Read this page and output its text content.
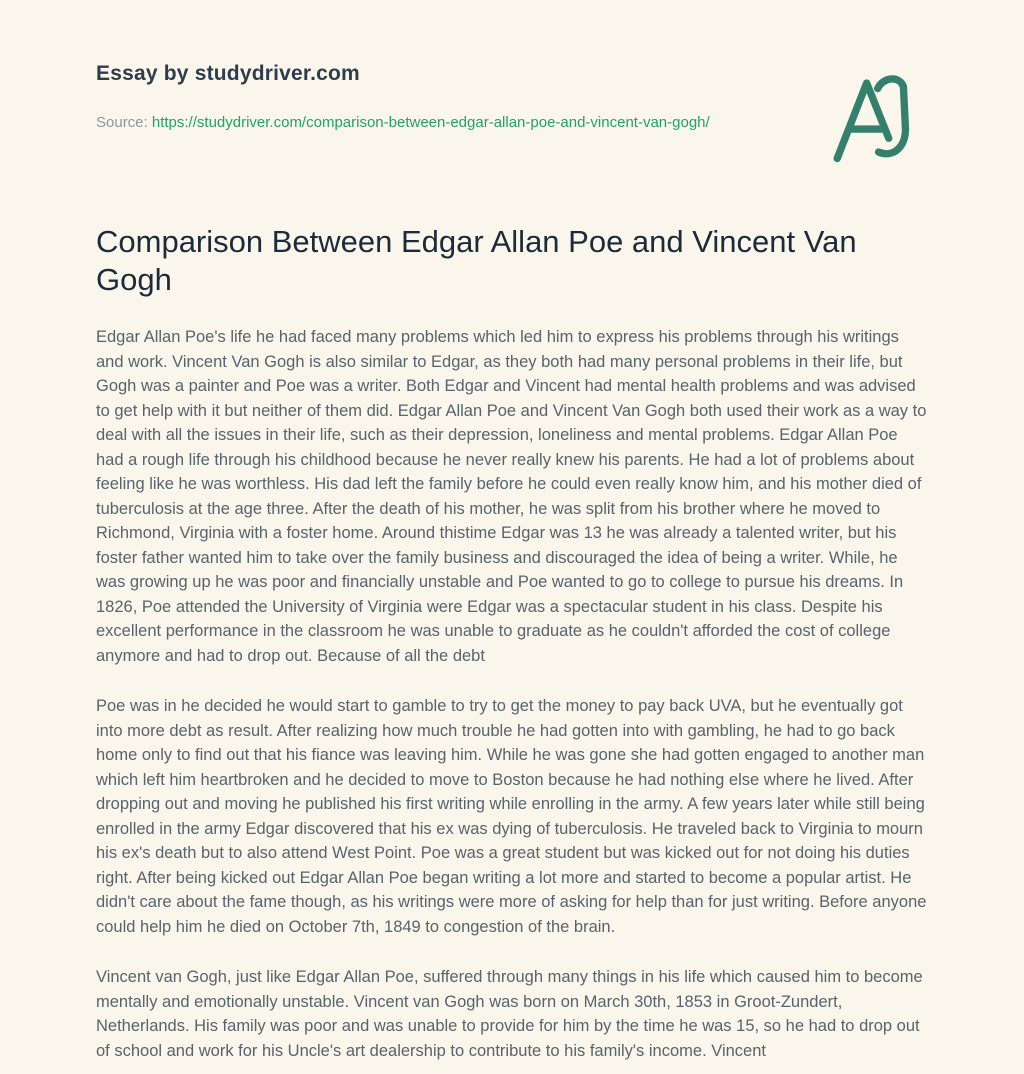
Essay by studydriver.com
Source: https://studydriver.com/comparison-between-edgar-allan-poe-and-vincent-van-gogh/
Comparison Between Edgar Allan Poe and Vincent Van Gogh

Edgar Allan Poe's life he had faced many problems which led him to express his problems through his writings and work. Vincent Van Gogh is also similar to Edgar, as they both had many personal problems in their life, but Gogh was a painter and Poe was a writer. Both Edgar and Vincent had mental health problems and was advised to get help with it but neither of them did. Edgar Allan Poe and Vincent Van Gogh both used their work as a way to deal with all the issues in their life, such as their depression, loneliness and mental problems. Edgar Allan Poe had a rough life through his childhood because he never really knew his parents. He had a lot of problems about feeling like he was worthless. His dad left the family before he could even really know him, and his mother died of tuberculosis at the age three. After the death of his mother, he was split from his brother where he moved to Richmond, Virginia with a foster home. Around thistime Edgar was 13 he was already a talented writer, but his foster father wanted him to take over the family business and discouraged the idea of being a writer. While, he was growing up he was poor and financially unstable and Poe wanted to go to college to pursue his dreams. In 1826, Poe attended the University of Virginia were Edgar was a spectacular student in his class. Despite his excellent performance in the classroom he was unable to graduate as he couldn't afforded the cost of college anymore and had to drop out. Because of all the debt

Poe was in he decided he would start to gamble to try to get the money to pay back UVA, but he eventually got into more debt as result. After realizing how much trouble he had gotten into with gambling, he had to go back home only to find out that his fiance was leaving him. While he was gone she had gotten engaged to another man which left him heartbroken and he decided to move to Boston because he had nothing else where he lived. After dropping out and moving he published his first writing while enrolling in the army. A few years later while still being enrolled in the army Edgar discovered that his ex was dying of tuberculosis. He traveled back to Virginia to mourn his ex's death but to also attend West Point. Poe was a great student but was kicked out for not doing his duties right. After being kicked out Edgar Allan Poe began writing a lot more and started to become a popular artist. He didn't care about the fame though, as his writings were more of asking for help than for just writing. Before anyone could help him he died on October 7th, 1849 to congestion of the brain.

Vincent van Gogh, just like Edgar Allan Poe, suffered through many things in his life which caused him to become mentally and emotionally unstable. Vincent van Gogh was born on March 30th, 1853 in Groot-Zundert, Netherlands. His family was poor and was unable to provide for him by the time he was 15, so he had to drop out of school and work for his Uncle's art dealership to contribute to his family's income. Vincent
